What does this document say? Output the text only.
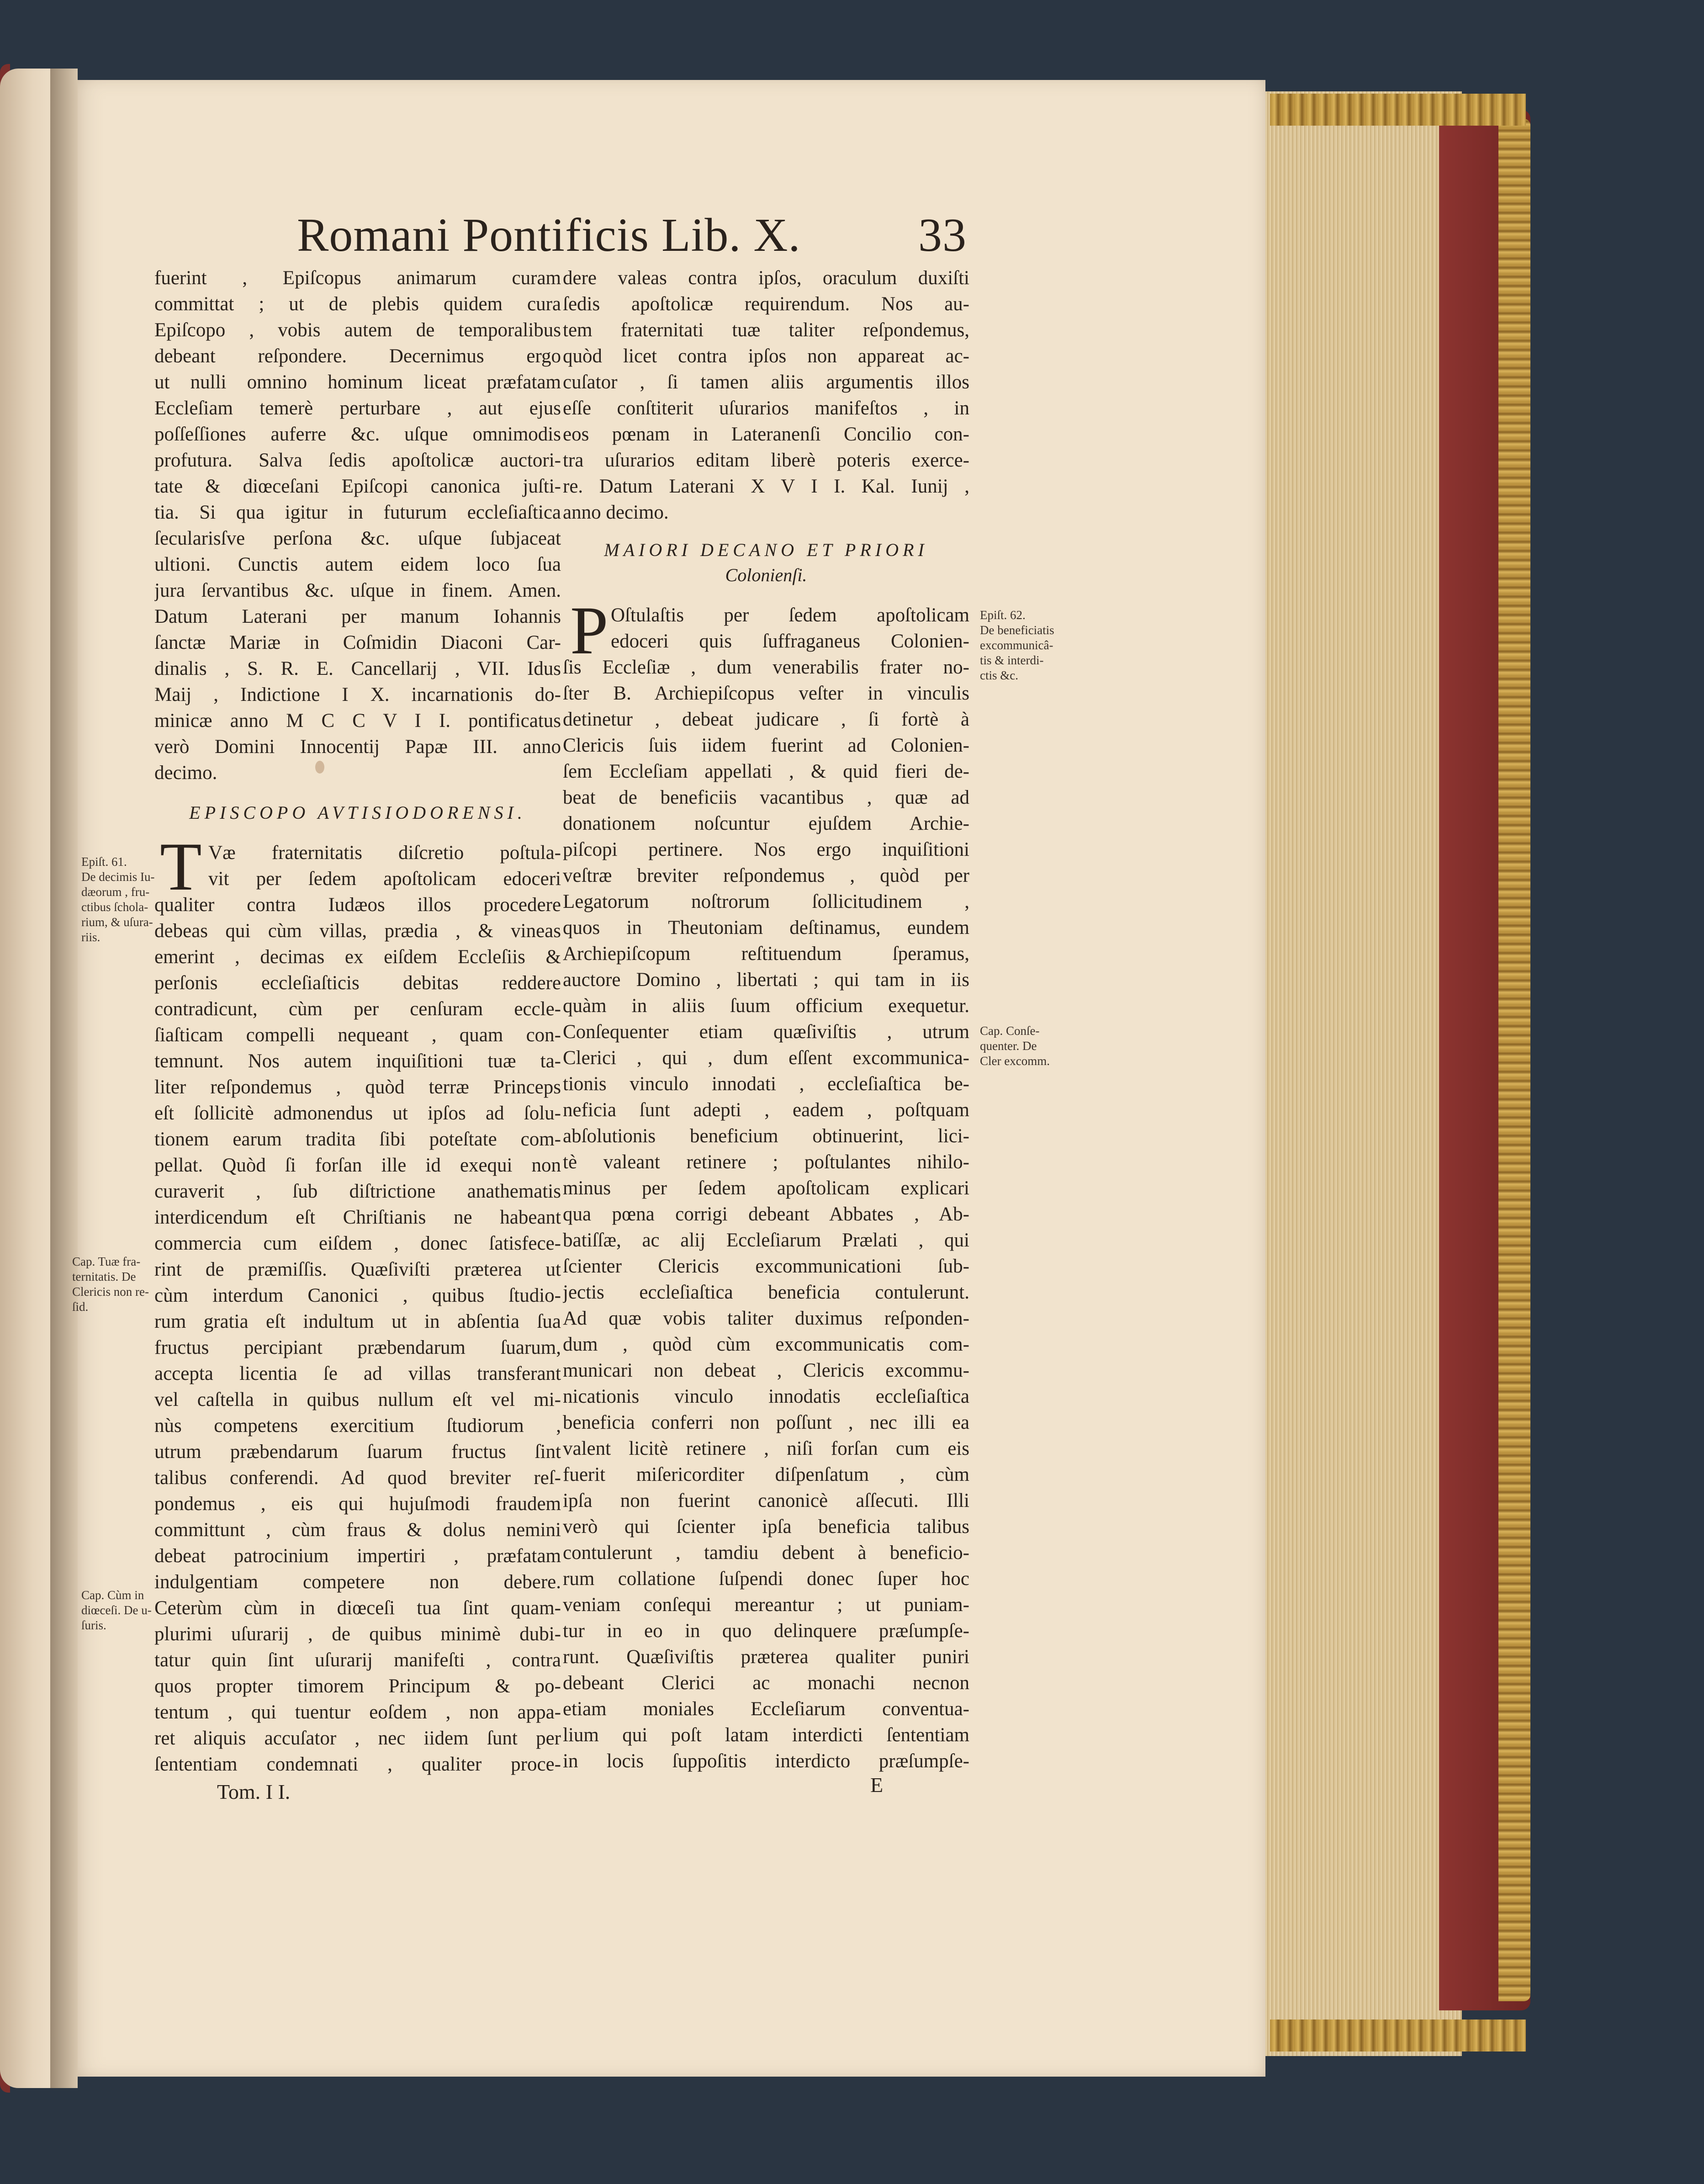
Romani Pontificis Lib. X. 33
fuerint , Epiſcopus animarum curam
committat ; ut de plebis quidem cura
Epiſcopo , vobis autem de temporalibus
debeant reſpondere. Decernimus ergo
ut nulli omnino hominum liceat præfatam
Eccleſiam temerè perturbare , aut ejus
poſſeſſiones auferre &c. uſque omnimodis
profutura. Salva ſedis apoſtolicæ auctori-
tate & diœceſani Epiſcopi canonica juſti-
tia. Si qua igitur in futurum eccleſiaſtica
ſecularisſve perſona &c. uſque ſubjaceat
ultioni. Cunctis autem eidem loco ſua
jura ſervantibus &c. uſque in finem. Amen.
Datum Laterani per manum Iohannis
ſanctæ Mariæ in Coſmidin Diaconi Car-
dinalis , S. R. E. Cancellarij , VII. Idus
Maij , Indictione I X. incarnationis do-
minicæ anno M C C V I I. pontificatus
verò Domini Innocentij Papæ III. anno
decimo.
EPISCOPO AVTISIODORENSI.
T Væ fraternitatis diſcretio poſtula-
vit per ſedem apoſtolicam edoceri
qualiter contra Iudæos illos procedere
debeas qui cùm villas, prædia , & vineas
emerint , decimas ex eiſdem Eccleſiis &
perſonis eccleſiaſticis debitas reddere
contradicunt, cùm per cenſuram eccle-
ſiaſticam compelli nequeant , quam con-
temnunt. Nos autem inquiſitioni tuæ ta-
liter reſpondemus , quòd terræ Princeps
eſt ſollicitè admonendus ut ipſos ad ſolu-
tionem earum tradita ſibi poteſtate com-
pellat. Quòd ſi forſan ille id exequi non
curaverit , ſub diſtrictione anathematis
interdicendum eſt Chriſtianis ne habeant
commercia cum eiſdem , donec ſatisfece-
rint de præmiſſis. Quæſiviſti præterea ut
cùm interdum Canonici , quibus ſtudio-
rum gratia eſt indultum ut in abſentia ſua
fructus percipiant præbendarum ſuarum,
accepta licentia ſe ad villas transferant
vel caſtella in quibus nullum eſt vel mi-
nùs competens exercitium ſtudiorum ,
utrum præbendarum ſuarum fructus ſint
talibus conferendi. Ad quod breviter reſ-
pondemus , eis qui hujuſmodi fraudem
committunt , cùm fraus & dolus nemini
debeat patrocinium impertiri , præfatam
indulgentiam competere non debere.
Ceterùm cùm in diœceſi tua ſint quam-
plurimi uſurarij , de quibus minimè dubi-
tatur quin ſint uſurarij manifeſti , contra
quos propter timorem Principum & po-
tentum , qui tuentur eoſdem , non appa-
ret aliquis accuſator , nec iidem ſunt per
ſententiam condemnati , qualiter proce-
Tom. I I.
dere valeas contra ipſos, oraculum duxiſti
ſedis apoſtolicæ requirendum. Nos au-
tem fraternitati tuæ taliter reſpondemus,
quòd licet contra ipſos non appareat ac-
cuſator , ſi tamen aliis argumentis illos
eſſe conſtiterit uſurarios manifeſtos , in
eos pœnam in Lateranenſi Concilio con-
tra uſurarios editam liberè poteris exerce-
re. Datum Laterani X V I I. Kal. Iunij ,
anno decimo.
MAIORI DECANO ET PRIORI
Colonienſi.
P Oſtulaſtis per ſedem apoſtolicam
edoceri quis ſuffraganeus Colonien-
ſis Eccleſiæ , dum venerabilis frater no-
ſter B. Archiepiſcopus veſter in vinculis
detinetur , debeat judicare , ſi fortè à
Clericis ſuis iidem fuerint ad Colonien-
ſem Eccleſiam appellati , & quid fieri de-
beat de beneficiis vacantibus , quæ ad
donationem noſcuntur ejuſdem Archie-
piſcopi pertinere. Nos ergo inquiſitioni
veſtræ breviter reſpondemus , quòd per
Legatorum noſtrorum ſollicitudinem ,
quos in Theutoniam deſtinamus, eundem
Archiepiſcopum reſtituendum ſperamus,
auctore Domino , libertati ; qui tam in iis
quàm in aliis ſuum officium exequetur.
Conſequenter etiam quæſiviſtis , utrum
Clerici , qui , dum eſſent excommunica-
tionis vinculo innodati , eccleſiaſtica be-
neficia ſunt adepti , eadem , poſtquam
abſolutionis beneficium obtinuerint, lici-
tè valeant retinere ; poſtulantes nihilo-
minus per ſedem apoſtolicam explicari
qua pœna corrigi debeant Abbates , Ab-
batiſſæ, ac alij Eccleſiarum Prælati , qui
ſcienter Clericis excommunicationi ſub-
jectis eccleſiaſtica beneficia contulerunt.
Ad quæ vobis taliter duximus reſponden-
dum , quòd cùm excommunicatis com-
municari non debeat , Clericis excommu-
nicationis vinculo innodatis eccleſiaſtica
beneficia conferri non poſſunt , nec illi ea
valent licitè retinere , niſi forſan cum eis
fuerit miſericorditer diſpenſatum , cùm
ipſa non fuerint canonicè aſſecuti. Illi
verò qui ſcienter ipſa beneficia talibus
contulerunt , tamdiu debent à beneficio-
rum collatione ſuſpendi donec ſuper hoc
veniam conſequi mereantur ; ut puniam-
tur in eo in quo delinquere præſumpſe-
runt. Quæſiviſtis præterea qualiter puniri
debeant Clerici ac monachi necnon
etiam moniales Eccleſiarum conventua-
lium qui poſt latam interdicti ſententiam
in locis ſuppoſitis interdicto præſumpſe-
E
Epiſt. 61.
De decimis Iu-
dæorum , fru-
ctibus ſchola-
rium, & uſura-
riis.
Cap. Tuæ fra-
ternitatis. De
Clericis non re-
ſid.
Cap. Cùm in
diœceſi. De u-
ſuris.
Epiſt. 62.
De beneficiatis
excommunicâ-
tis & interdi-
ctis &c.
Cap. Conſe-
quenter. De
Cler excomm.
